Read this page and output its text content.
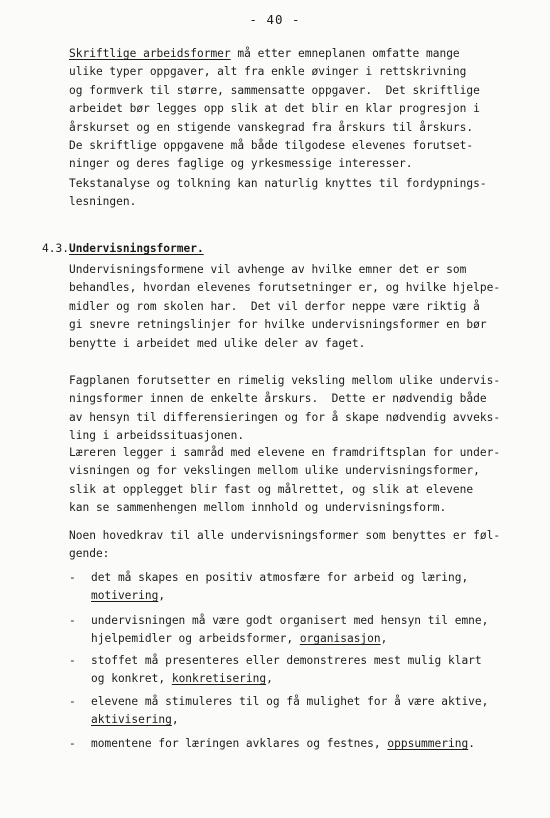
- 40 -
Skriftlige arbeidsformer må etter emneplanen omfatte mange
ulike typer oppgaver, alt fra enkle øvinger i rettskrivning
og formverk til større, sammensatte oppgaver.  Det skriftlige
arbeidet bør legges opp slik at det blir en klar progresjon i
årskurset og en stigende vanskegrad fra årskurs til årskurs.
De skriftlige oppgavene må både tilgodese elevenes forutset-
ninger og deres faglige og yrkesmessige interesser.
Tekstanalyse og tolkning kan naturlig knyttes til fordypnings-
lesningen.
4.3. Undervisningsformer.
Undervisningsformene vil avhenge av hvilke emner det er som
behandles, hvordan elevenes forutsetninger er, og hvilke hjelpe-
midler og rom skolen har.  Det vil derfor neppe være riktig å
gi snevre retningslinjer for hvilke undervisningsformer en bør
benytte i arbeidet med ulike deler av faget.
Fagplanen forutsetter en rimelig veksling mellom ulike undervis-
ningsformer innen de enkelte årskurs.  Dette er nødvendig både
av hensyn til differensieringen og for å skape nødvendig avveks-
ling i arbeidssituasjonen.
Læreren legger i samråd med elevene en framdriftsplan for under-
visningen og for vekslingen mellom ulike undervisningsformer,
slik at opplegget blir fast og målrettet, og slik at elevene
kan se sammenhengen mellom innhold og undervisningsform.
Noen hovedkrav til alle undervisningsformer som benyttes er føl-
gende:
- det må skapes en positiv atmosfære for arbeid og læring,
motivering,
- undervisningen må være godt organisert med hensyn til emne,
hjelpemidler og arbeidsformer, organisasjon,
- stoffet må presenteres eller demonstreres mest mulig klart
og konkret, konkretisering,
- elevene må stimuleres til og få mulighet for å være aktive,
aktivisering,
- momentene for læringen avklares og festnes, oppsummering.
